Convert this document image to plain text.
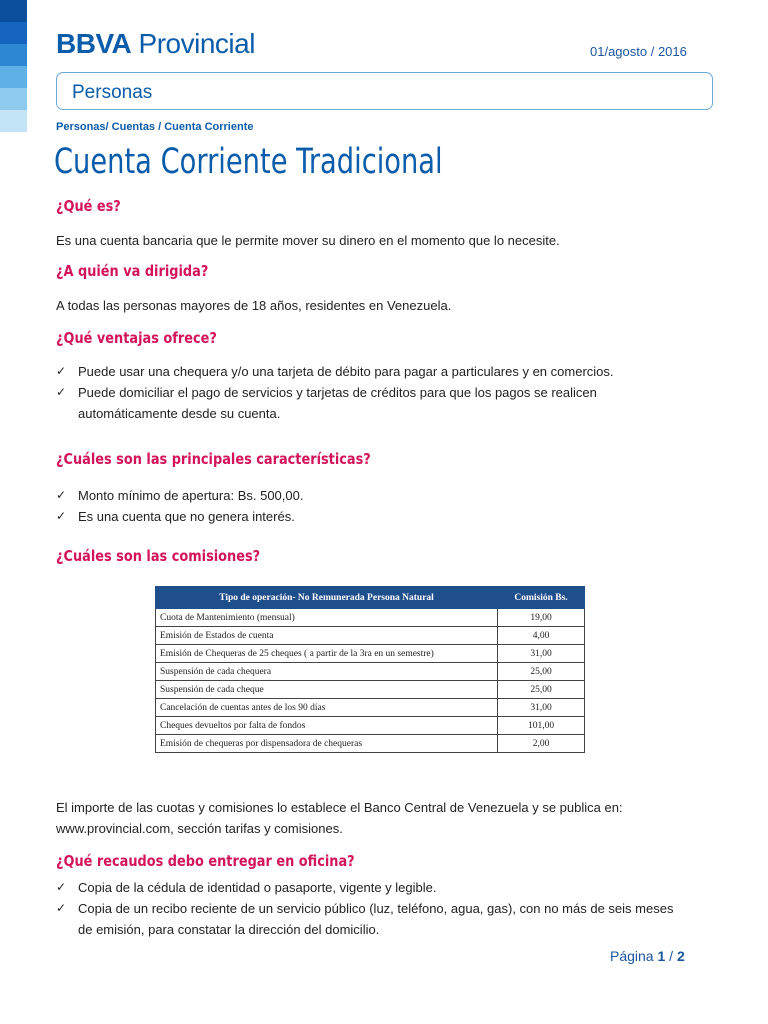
BBVA Provincial	01/agosto / 2016
Personas
Personas/ Cuentas / Cuenta Corriente
Cuenta Corriente Tradicional
¿Qué es?
Es una cuenta bancaria que le permite mover su dinero en el momento que lo necesite.
¿A quién va dirigida?
A todas las personas mayores de 18 años, residentes en Venezuela.
¿Qué ventajas ofrece?
✓ Puede usar una chequera y/o una tarjeta de débito para pagar a particulares y en comercios.
✓ Puede domiciliar el pago de servicios y tarjetas de créditos para que los pagos se realicen automáticamente desde su cuenta.
¿Cuáles son las principales características?
✓ Monto mínimo de apertura: Bs. 500,00.
✓ Es una cuenta que no genera interés.
¿Cuáles son las comisiones?
Tipo de operación- No Remunerada Persona Natural	Comisión Bs.
Cuota de Mantenimiento (mensual)	19,00
Emisión de Estados de cuenta	4,00
Emisión de Chequeras de 25 cheques ( a partir de la 3ra en un semestre)	31,00
Suspensión de cada chequera	25,00
Suspensión de cada cheque	25,00
Cancelación de cuentas antes de los 90 días	31,00
Cheques devueltos por falta de fondos	101,00
Emisión de chequeras por dispensadora de chequeras	2,00
El importe de las cuotas y comisiones lo establece el Banco Central de Venezuela y se publica en:
www.provincial.com, sección tarifas y comisiones.
¿Qué recaudos debo entregar en oficina?
✓ Copia de la cédula de identidad o pasaporte, vigente y legible.
✓ Copia de un recibo reciente de un servicio público (luz, teléfono, agua, gas), con no más de seis meses de emisión, para constatar la dirección del domicilio.
Página 1 / 2
